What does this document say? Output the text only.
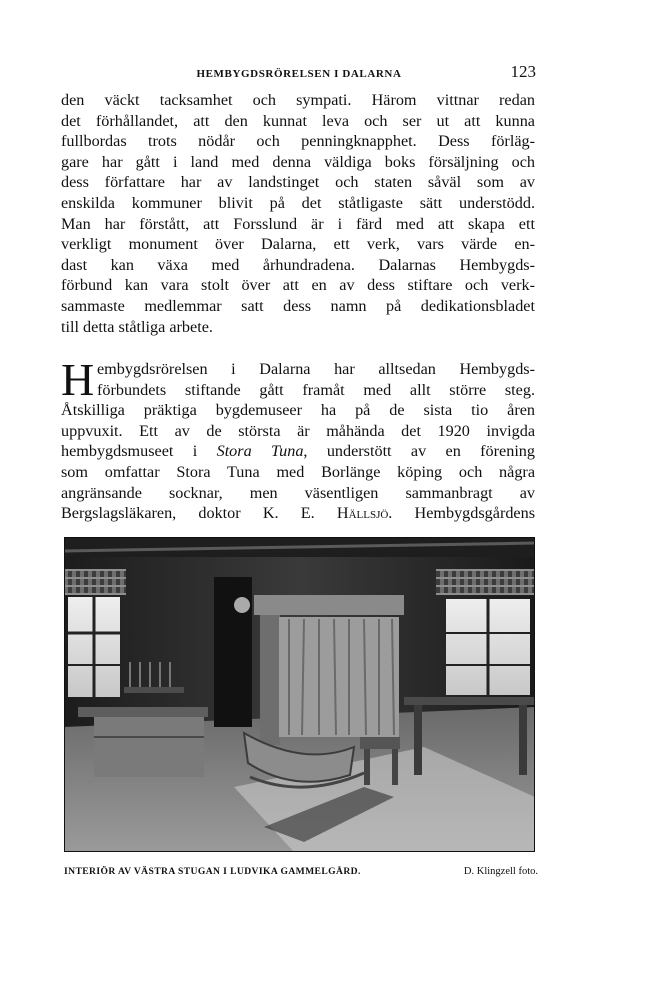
HEMBYGDSRÖRELSEN I DALARNA	123
den väckt tacksamhet och sympati. Härom vittnar redan
det förhållandet, att den kunnat leva och ser ut att kunna
fullbordas trots nödår och penningknapphet. Dess förläg-
gare har gått i land med denna väldiga boks försäljning och
dess författare har av landstinget och staten såväl som av
enskilda kommuner blivit på det ståtligaste sätt understödd.
Man har förstått, att Forsslund är i färd med att skapa ett
verkligt monument över Dalarna, ett verk, vars värde en-
dast kan växa med århundradena. Dalarnas Hembygds-
förbund kan vara stolt över att en av dess stiftare och verk-
sammaste medlemmar satt dess namn på dedikationsbladet
till detta ståtliga arbete.
H embygdsrörelsen i Dalarna har alltsedan Hembygds-
förbundets stiftande gått framåt med allt större steg.
Åtskilliga präktiga bygdemuseer ha på de sista tio åren
uppvuxit. Ett av de största är måhända det 1920 invigda
hembygdsmuseet i Stora Tuna, understött av en förening
som omfattar Stora Tuna med Borlänge köping och några
angränsande socknar, men väsentligen sammanbragt av
Bergslagsläkaren, doktor K. E. Hällsjö. Hembygdsgårdens
INTERIÖR AV VÄSTRA STUGAN I LUDVIKA GAMMELGÅRD.	D. Klingzell foto.
